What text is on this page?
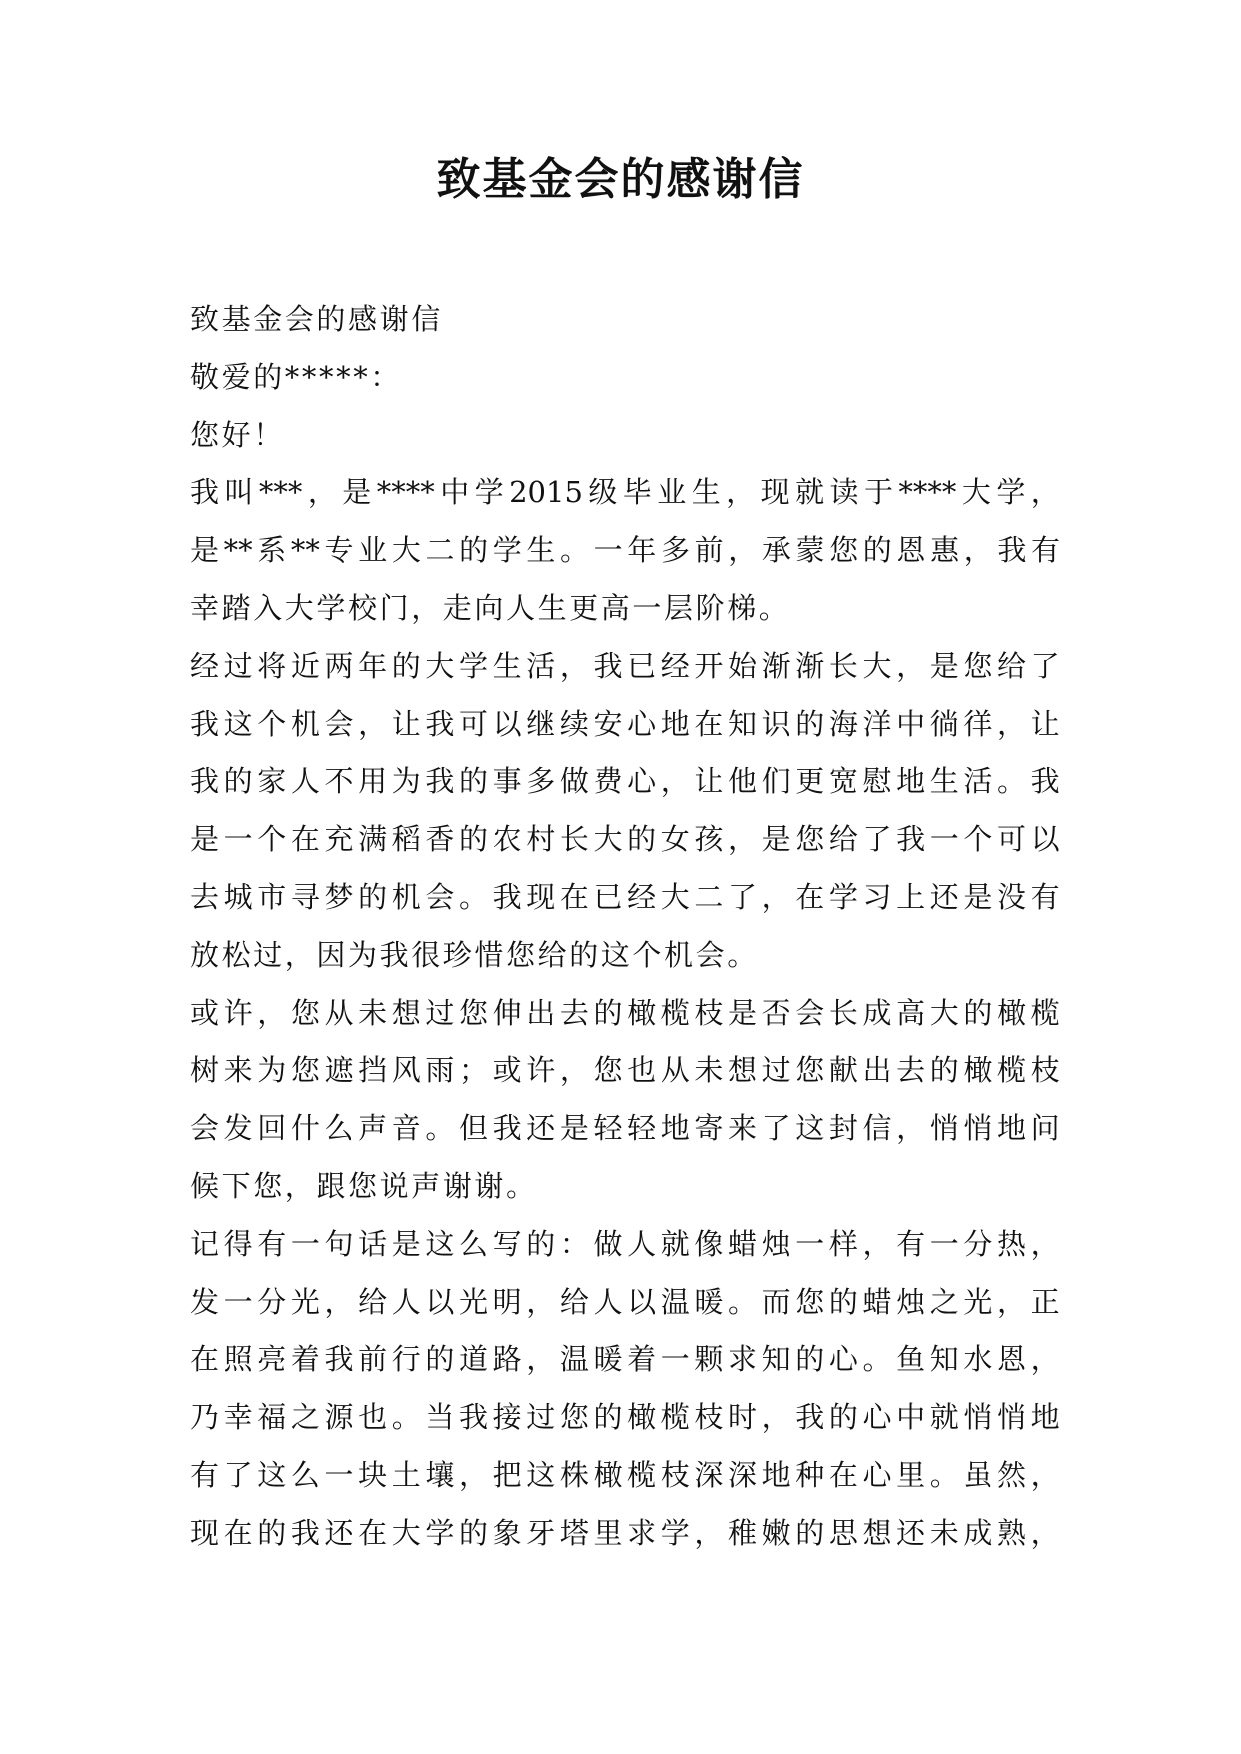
致基金会的感谢信
致基金会的感谢信
敬爱的*****：
您好！
我 叫 *** ， 是 **** 中 学 2015 级 毕 业 生 ， 现 就 读 于 **** 大 学 ，
是 ** 系 ** 专 业 大 二 的 学 生 。 一 年 多 前 ， 承 蒙 您 的 恩 惠 ， 我 有
幸踏入大学校门，走向人生更高一层阶梯。
经 过 将 近 两 年 的 大 学 生 活 ， 我 已 经 开 始 渐 渐 长 大 ， 是 您 给 了
我 这 个 机 会 ， 让 我 可 以 继 续 安 心 地 在 知 识 的 海 洋 中 徜 徉 ， 让
我 的 家 人 不 用 为 我 的 事 多 做 费 心 ， 让 他 们 更 宽 慰 地 生 活 。 我
是 一 个 在 充 满 稻 香 的 农 村 长 大 的 女 孩 ， 是 您 给 了 我 一 个 可 以
去 城 市 寻 梦 的 机 会 。 我 现 在 已 经 大 二 了 ， 在 学 习 上 还 是 没 有
放松过，因为我很珍惜您给的这个机会。
或 许 ， 您 从 未 想 过 您 伸 出 去 的 橄 榄 枝 是 否 会 长 成 高 大 的 橄 榄
树 来 为 您 遮 挡 风 雨 ； 或 许 ， 您 也 从 未 想 过 您 献 出 去 的 橄 榄 枝
会 发 回 什 么 声 音 。 但 我 还 是 轻 轻 地 寄 来 了 这 封 信 ， 悄 悄 地 问
候下您，跟您说声谢谢。
记 得 有 一 句 话 是 这 么 写 的 ： 做 人 就 像 蜡 烛 一 样 ， 有 一 分 热 ，
发 一 分 光 ， 给 人 以 光 明 ， 给 人 以 温 暖 。 而 您 的 蜡 烛 之 光 ， 正
在 照 亮 着 我 前 行 的 道 路 ， 温 暖 着 一 颗 求 知 的 心 。 鱼 知 水 恩 ，
乃 幸 福 之 源 也 。 当 我 接 过 您 的 橄 榄 枝 时 ， 我 的 心 中 就 悄 悄 地
有 了 这 么 一 块 土 壤 ， 把 这 株 橄 榄 枝 深 深 地 种 在 心 里 。 虽 然 ，
现 在 的 我 还 在 大 学 的 象 牙 塔 里 求 学 ， 稚 嫩 的 思 想 还 未 成 熟 ，
